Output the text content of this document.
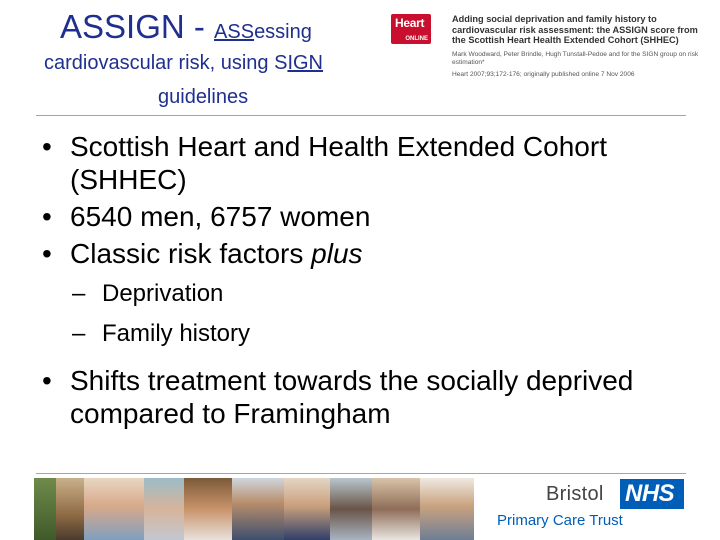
ASSIGN - ASSessing
cardiovascular risk, using SIGN
guidelines
Heart
ONLINE
Adding social deprivation and family history to cardiovascular risk assessment: the ASSIGN score from the Scottish Heart Health Extended Cohort (SHHEC)
Mark Woodward, Peter Brindle, Hugh Tunstall-Pedoe and for the SIGN group on risk estimation*
Heart 2007;93;172-176; originally published online 7 Nov 2006
• Scottish Heart and Health Extended Cohort (SHHEC)
• 6540 men, 6757 women
• Classic risk factors plus
– Deprivation
– Family history
• Shifts treatment towards the socially deprived compared to Framingham
Bristol NHS
Primary Care Trust
